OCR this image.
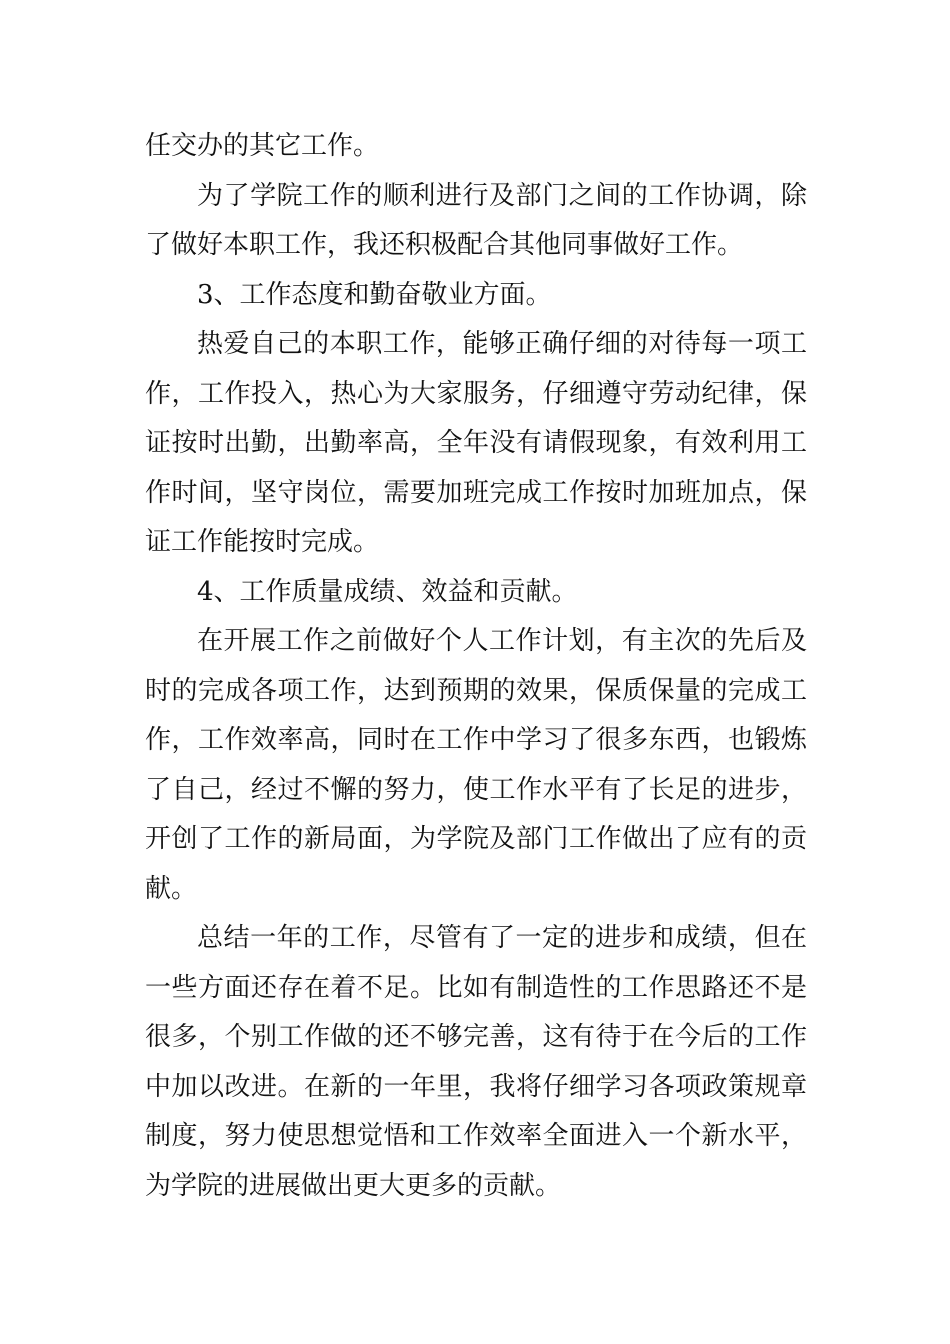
任交办的其它工作。

为了学院工作的顺利进行及部门之间的工作协调，除了做好本职工作，我还积极配合其他同事做好工作。

3、工作态度和勤奋敬业方面。

热爱自己的本职工作，能够正确仔细的对待每一项工作，工作投入，热心为大家服务，仔细遵守劳动纪律，保证按时出勤，出勤率高，全年没有请假现象，有效利用工作时间，坚守岗位，需要加班完成工作按时加班加点，保证工作能按时完成。

4、工作质量成绩、效益和贡献。

在开展工作之前做好个人工作计划，有主次的先后及时的完成各项工作，达到预期的效果，保质保量的完成工作，工作效率高，同时在工作中学习了很多东西，也锻炼了自己，经过不懈的努力，使工作水平有了长足的进步，开创了工作的新局面，为学院及部门工作做出了应有的贡献。

总结一年的工作，尽管有了一定的进步和成绩，但在一些方面还存在着不足。比如有制造性的工作思路还不是很多，个别工作做的还不够完善，这有待于在今后的工作中加以改进。在新的一年里，我将仔细学习各项政策规章制度，努力使思想觉悟和工作效率全面进入一个新水平，为学院的进展做出更大更多的贡献。
